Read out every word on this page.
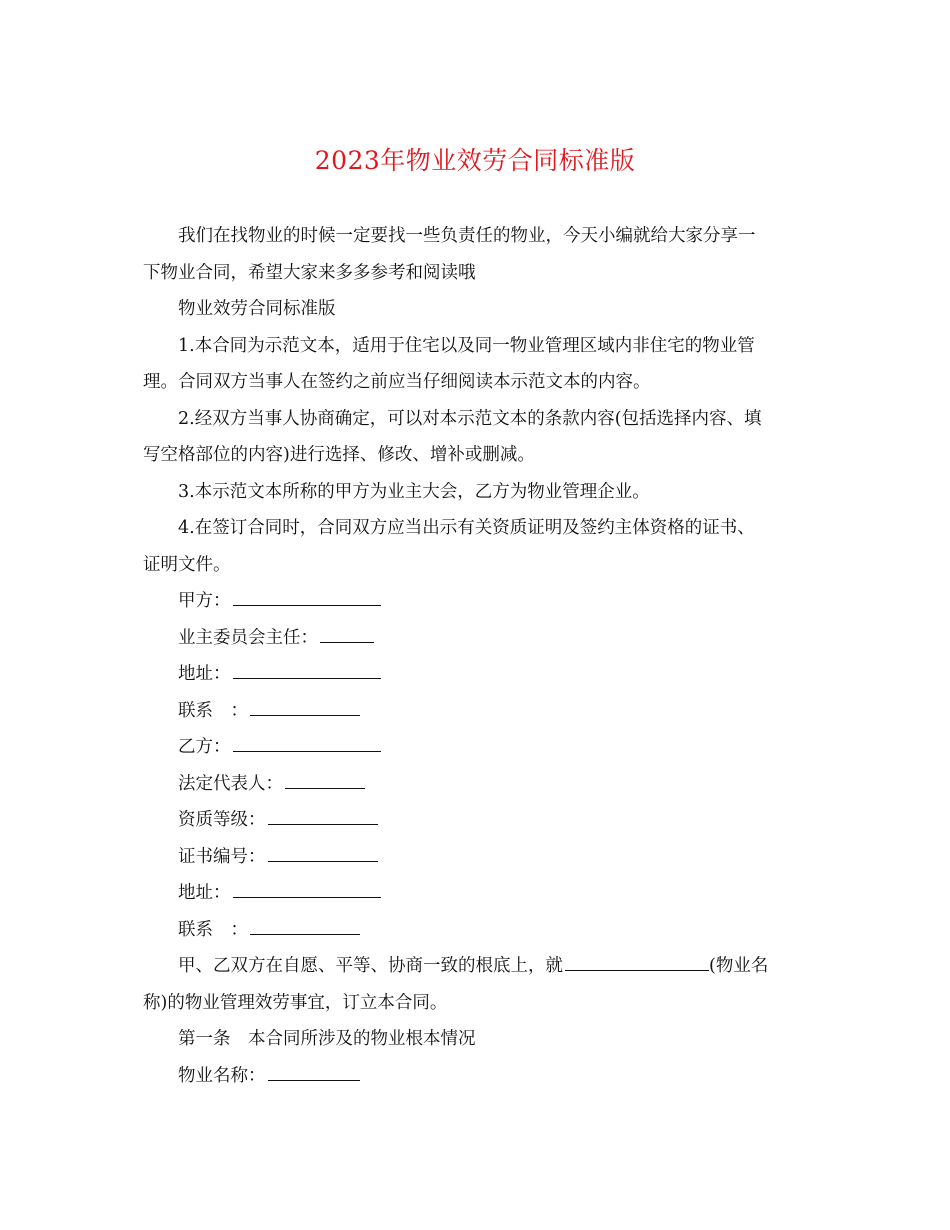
2023年物业效劳合同标准版

我们在找物业的时候一定要找一些负责任的物业，今天小编就给大家分享一

下物业合同，希望大家来多多参考和阅读哦

物业效劳合同标准版

1.本合同为示范文本，适用于住宅以及同一物业管理区域内非住宅的物业管

理。合同双方当事人在签约之前应当仔细阅读本示范文本的内容。

2.经双方当事人协商确定，可以对本示范文本的条款内容(包括选择内容、填

写空格部位的内容)进行选择、修改、增补或删减。

3.本示范文本所称的甲方为业主大会，乙方为物业管理企业。

4.在签订合同时，合同双方应当出示有关资质证明及签约主体资格的证书、

证明文件。

甲方：

业主委员会主任：

地址：

联系　：

乙方：

法定代表人：

资质等级：

证书编号：

地址：

联系　：

甲、乙双方在自愿、平等、协商一致的根底上，就	(物业名

称)的物业管理效劳事宜，订立本合同。

第一条　本合同所涉及的物业根本情况

物业名称：
